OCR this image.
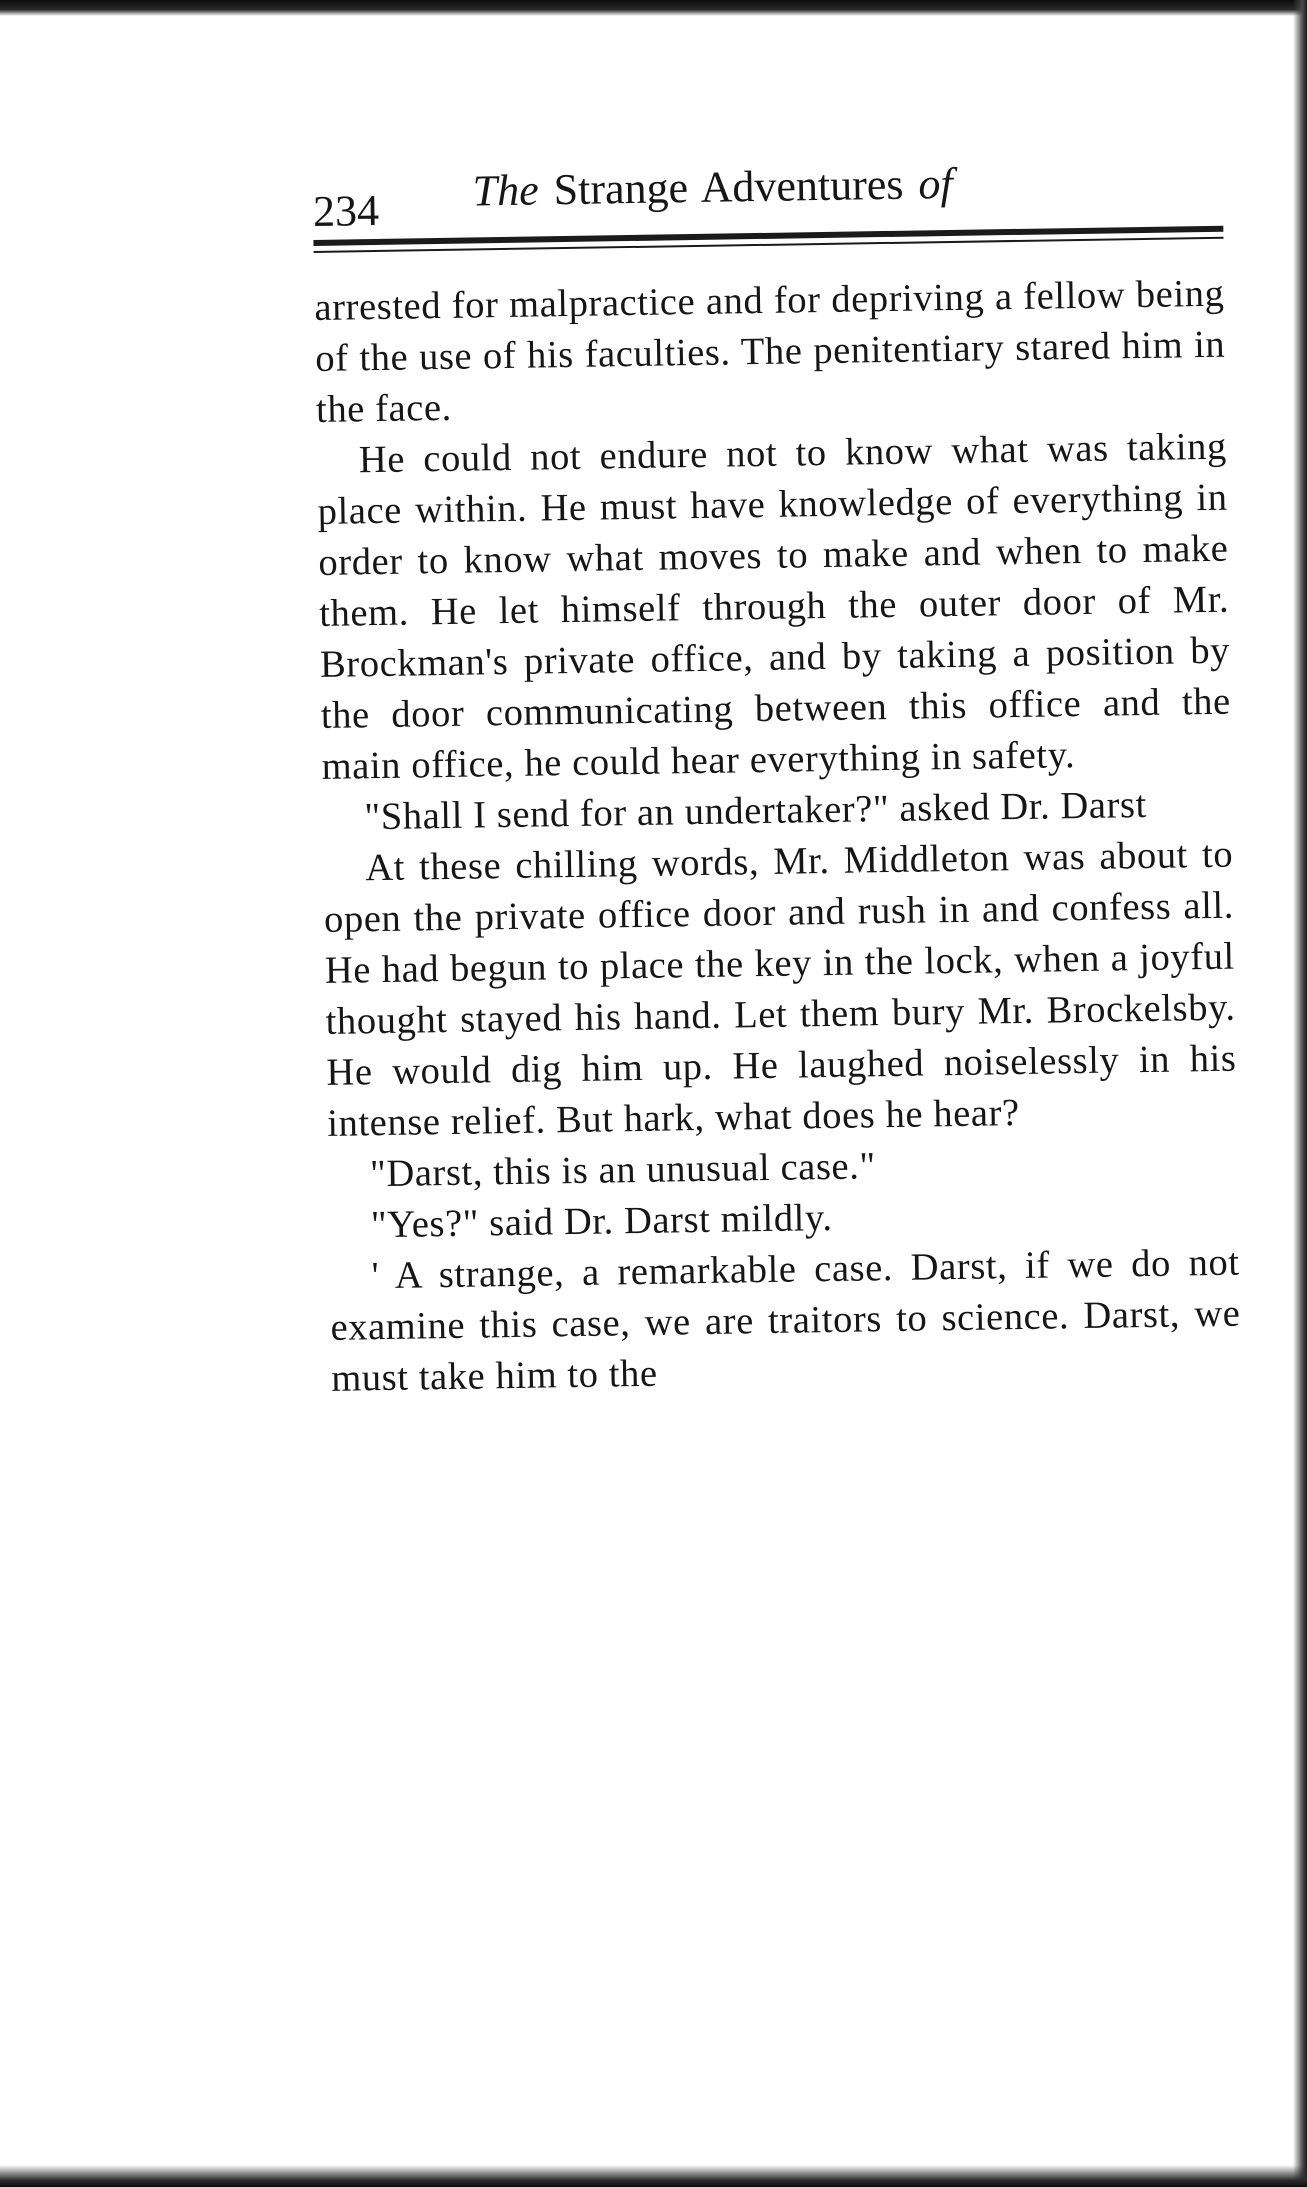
234 The Strange Adventures of

arrested for malpractice and for depriving a fellow being of the use of his faculties. The penitentiary stared him in the face.

He could not endure not to know what was taking place within. He must have knowledge of everything in order to know what moves to make and when to make them. He let himself through the outer door of Mr. Brockman's private office, and by taking a position by the door communicating between this office and the main office, he could hear everything in safety.

"Shall I send for an undertaker?" asked Dr. Darst

At these chilling words, Mr. Middleton was about to open the private office door and rush in and confess all. He had begun to place the key in the lock, when a joyful thought stayed his hand. Let them bury Mr. Brockelsby. He would dig him up. He laughed noiselessly in his intense relief. But hark, what does he hear?

"Darst, this is an unusual case."

"Yes?" said Dr. Darst mildly.

' A strange, a remarkable case. Darst, if we do not examine this case, we are traitors to science. Darst, we must take him to the
